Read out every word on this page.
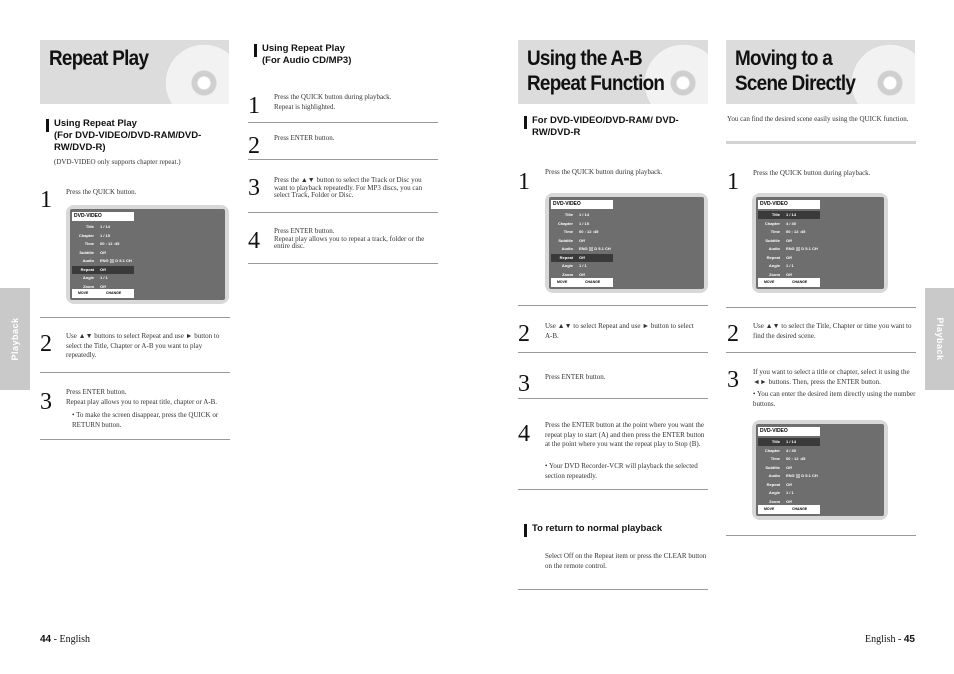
Repeat Play
Using Repeat Play
(For DVD-VIDEO/DVD-RAM/DVD-RW/DVD-R)
(DVD-VIDEO only supports chapter repeat.)
1 Press the QUICK button.
DVD-VIDEO
Title 1 / 14
Chapter 1 / 15
Time 00 : 12 :45
Subtitle Off
Audio ENG ▯▯ D 5.1 CH
Repeat Off
Angle 1 / 1
Zoom Off
MOVE	CHANGE
2 Use ▲▼ buttons to select Repeat and use ► button to select the Title, Chapter or A-B you want to play repeatedly.
3 Press ENTER button.
Repeat play allows you to repeat title, chapter or A-B.
• To make the screen disappear, press the QUICK or RETURN button.
Using Repeat Play
(For Audio CD/MP3)
1 Press the QUICK button during playback.
Repeat is highlighted.
2 Press ENTER button.
3 Press the ▲▼ button to select the Track or Disc you want to playback repeatedly. For MP3 discs, you can select Track, Folder or Disc.
4 Press ENTER button.
Repeat play allows you to repeat a track, folder or the entire disc.
Playback
44 - English
Using the A-B Repeat Function
Moving to a Scene Directly
For DVD-VIDEO/DVD-RAM/ DVD-RW/DVD-R
1 Press the QUICK button during playback.
DVD-VIDEO
Title 1 / 14
Chapter 1 / 15
Time 00 : 12 :45
Subtitle Off
Audio ENG ▯▯ D 5.1 CH
Repeat Off
Angle 1 / 1
Zoom Off
MOVE	CHANGE
2 Use ▲▼ to select Repeat and use ► button to select A-B.
3 Press ENTER button.
4 Press the ENTER button at the point where you want the repeat play to start (A) and then press the ENTER button at the point where you want the repeat play to Stop (B).
• Your DVD Recorder-VCR will playback the selected section repeatedly.
To return to normal playback
Select Off on the Repeat item or press the CLEAR button on the remote control.
You can find the desired scene easily using the QUICK function.
1 Press the QUICK button during playback.
DVD-VIDEO
Title 1 / 14
Chapter 4 / 40
Time 00 : 12 :45
Subtitle Off
Audio ENG ▯▯ D 5.1 CH
Repeat Off
Angle 1 / 1
Zoom Off
MOVE	CHANGE
2 Use ▲▼ to select the Title, Chapter or time you want to find the desired scene.
3 If you want to select a title or chapter, select it using the ◄► buttons. Then, press the ENTER button.
• You can enter the desired item directly using the number buttons.
DVD-VIDEO
Title 1 / 14
Chapter 4 / 40
Time 00 : 12 :45
Subtitle Off
Audio ENG ▯▯ D 5.1 CH
Repeat Off
Angle 1 / 1
Zoom Off
MOVE	CHANGE
Playback
English - 45
